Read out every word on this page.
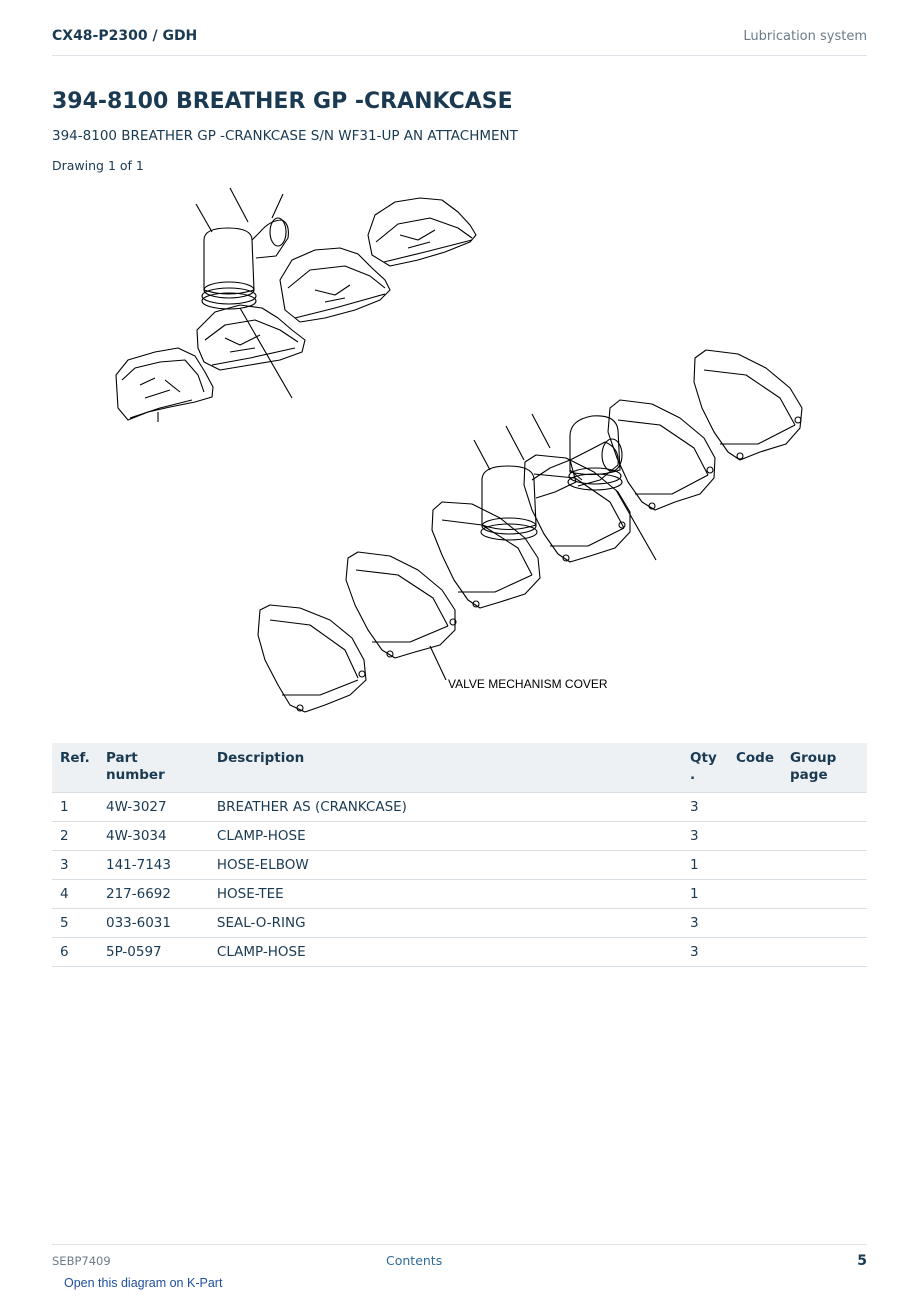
CX48-P2300 / GDH	Lubrication system
394-8100 BREATHER GP -CRANKCASE
394-8100 BREATHER GP -CRANKCASE S/N WF31-UP AN ATTACHMENT
Drawing 1 of 1
VALVE MECHANISM COVER
Ref.	Part number	Description	Qty .	Code	Group page
1	4W-3027	BREATHER AS (CRANKCASE)	3		
2	4W-3034	CLAMP-HOSE	3		
3	141-7143	HOSE-ELBOW	1		
4	217-6692	HOSE-TEE	1		
5	033-6031	SEAL-O-RING	3		
6	5P-0597	CLAMP-HOSE	3		
SEBP7409	Contents	5
Open this diagram on K-Part
